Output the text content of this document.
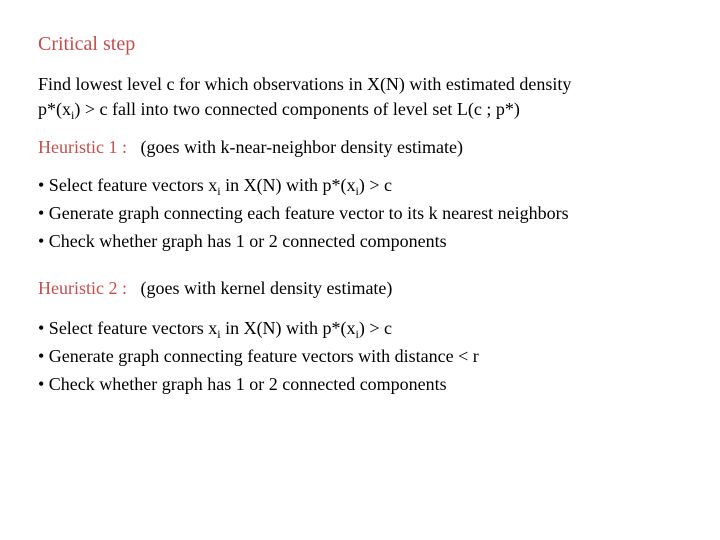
Critical step
Find lowest level c for which observations in X(N) with estimated density
$p*(x_i) > c$ fall into two connected components of level set L(c ; p*)
Heuristic 1 : (goes with k-near-neighbor density estimate)
• Select feature vectors $x_i$ in X(N) with $p*(x_i) > c$
• Generate graph connecting each feature vector to its k nearest neighbors
• Check whether graph has 1 or 2 connected components
Heuristic 2 : (goes with kernel density estimate)
• Select feature vectors $x_i$ in X(N) with $p*(x_i) > c$
• Generate graph connecting feature vectors with distance < r
• Check whether graph has 1 or 2 connected components
